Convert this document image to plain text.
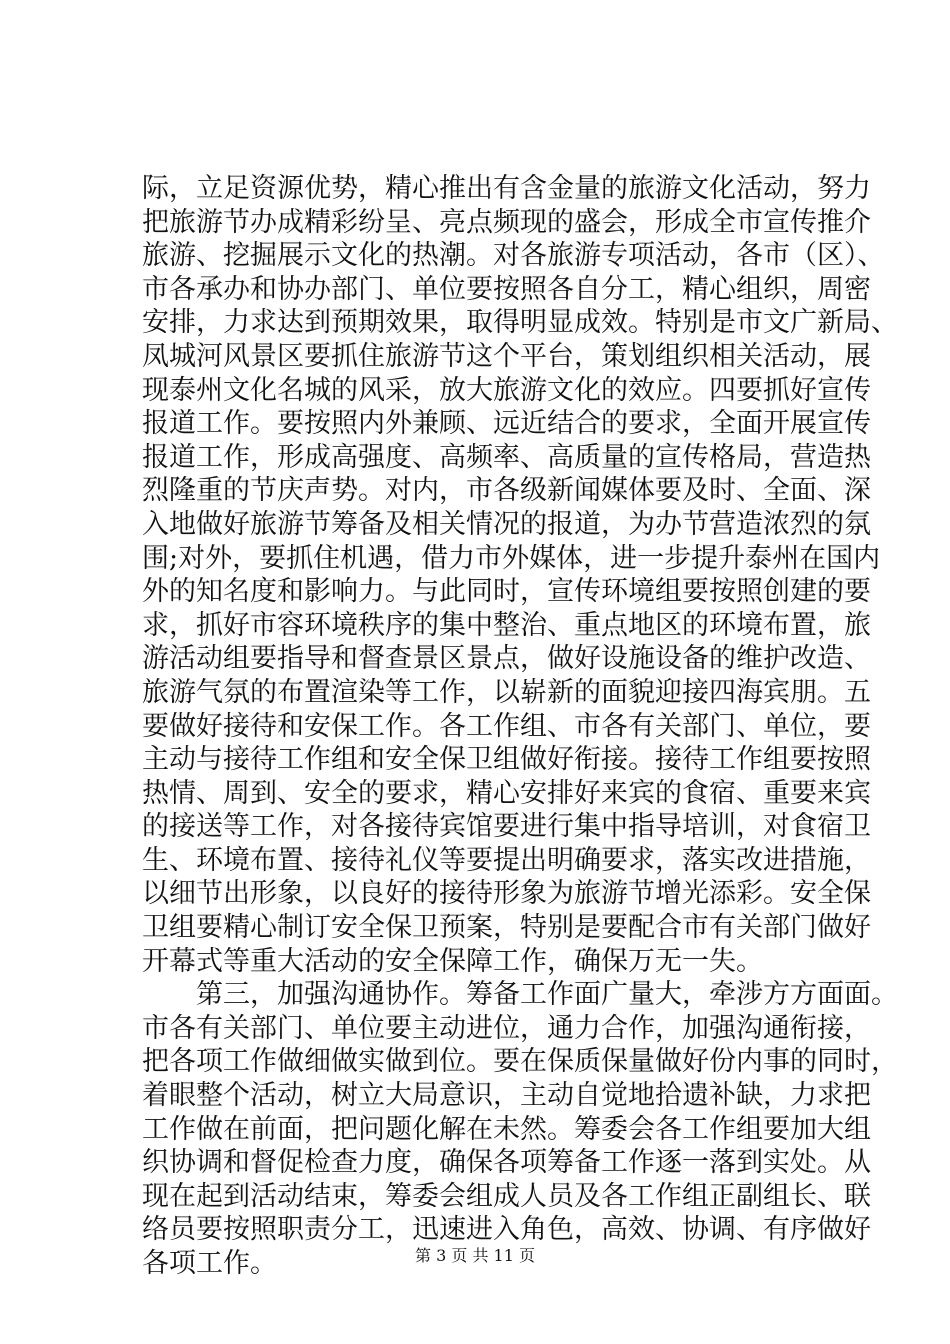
际，立足资源优势，精心推出有含金量的旅游文化活动，努力
把旅游节办成精彩纷呈、亮点频现的盛会，形成全市宣传推介
旅游、挖掘展示文化的热潮。对各旅游专项活动，各市（区）、
市各承办和协办部门、单位要按照各自分工，精心组织，周密
安排，力求达到预期效果，取得明显成效。特别是市文广新局、
凤城河风景区要抓住旅游节这个平台，策划组织相关活动，展
现泰州文化名城的风采，放大旅游文化的效应。四要抓好宣传
报道工作。要按照内外兼顾、远近结合的要求，全面开展宣传
报道工作，形成高强度、高频率、高质量的宣传格局，营造热
烈隆重的节庆声势。对内，市各级新闻媒体要及时、全面、深
入地做好旅游节筹备及相关情况的报道，为办节营造浓烈的氛
围;对外，要抓住机遇，借力市外媒体，进一步提升泰州在国内
外的知名度和影响力。与此同时，宣传环境组要按照创建的要
求，抓好市容环境秩序的集中整治、重点地区的环境布置，旅
游活动组要指导和督查景区景点，做好设施设备的维护改造、
旅游气氛的布置渲染等工作，以崭新的面貌迎接四海宾朋。五
要做好接待和安保工作。各工作组、市各有关部门、单位，要
主动与接待工作组和安全保卫组做好衔接。接待工作组要按照
热情、周到、安全的要求，精心安排好来宾的食宿、重要来宾
的接送等工作，对各接待宾馆要进行集中指导培训，对食宿卫
生、环境布置、接待礼仪等要提出明确要求，落实改进措施，
以细节出形象，以良好的接待形象为旅游节增光添彩。安全保
卫组要精心制订安全保卫预案，特别是要配合市有关部门做好
开幕式等重大活动的安全保障工作，确保万无一失。
第三，加强沟通协作。筹备工作面广量大，牵涉方方面面。
市各有关部门、单位要主动进位，通力合作，加强沟通衔接，
把各项工作做细做实做到位。要在保质保量做好份内事的同时，
着眼整个活动，树立大局意识，主动自觉地拾遗补缺，力求把
工作做在前面，把问题化解在未然。筹委会各工作组要加大组
织协调和督促检查力度，确保各项筹备工作逐一落到实处。从
现在起到活动结束，筹委会组成人员及各工作组正副组长、联
络员要按照职责分工，迅速进入角色，高效、协调、有序做好
各项工作。	第 3 页 共 11 页
